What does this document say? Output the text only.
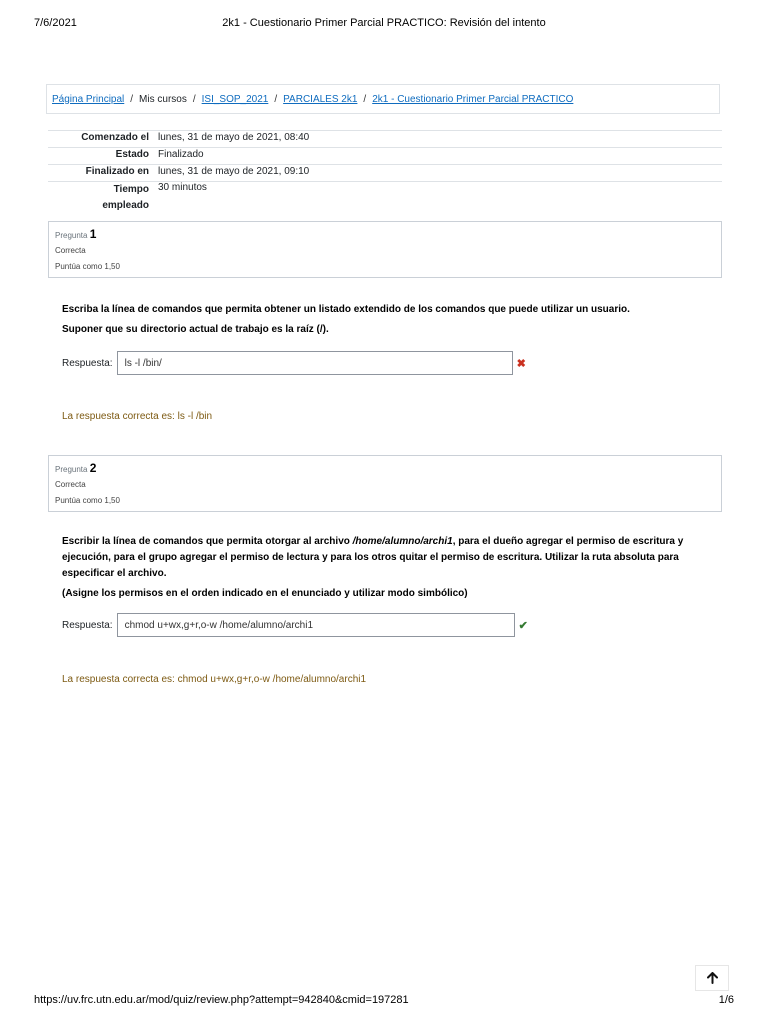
7/6/2021	2k1 - Cuestionario Primer Parcial PRACTICO: Revisión del intento
Página Principal / Mis cursos / ISI_SOP_2021 / PARCIALES 2k1 / 2k1 - Cuestionario Primer Parcial PRACTICO
Comenzado el	lunes, 31 de mayo de 2021, 08:40
Estado	Finalizado
Finalizado en	lunes, 31 de mayo de 2021, 09:10
Tiempo
empleado	30 minutos
Pregunta 1
Correcta
Puntúa como 1,50

Escriba la línea de comandos que permita obtener un listado extendido de los comandos que puede utilizar un usuario.

Suponer que su directorio actual de trabajo es la raíz (/).

Respuesta:	ls -l /bin/	✖
La respuesta correcta es: ls -l /bin
Pregunta 2
Correcta
Puntúa como 1,50

Escribir la línea de comandos que permita otorgar al archivo /home/alumno/archi1, para el dueño agregar el permiso de escritura y

ejecución, para el grupo agregar el permiso de lectura y para los otros quitar el permiso de escritura. Utilizar la ruta absoluta para

especificar el archivo.

(Asigne los permisos en el orden indicado en el enunciado y utilizar modo simbólico)

Respuesta:	chmod u+wx,g+r,o-w /home/alumno/archi1	✔
La respuesta correcta es: chmod u+wx,g+r,o-w /home/alumno/archi1
https://uv.frc.utn.edu.ar/mod/quiz/review.php?attempt=942840&cmid=197281	1/6
